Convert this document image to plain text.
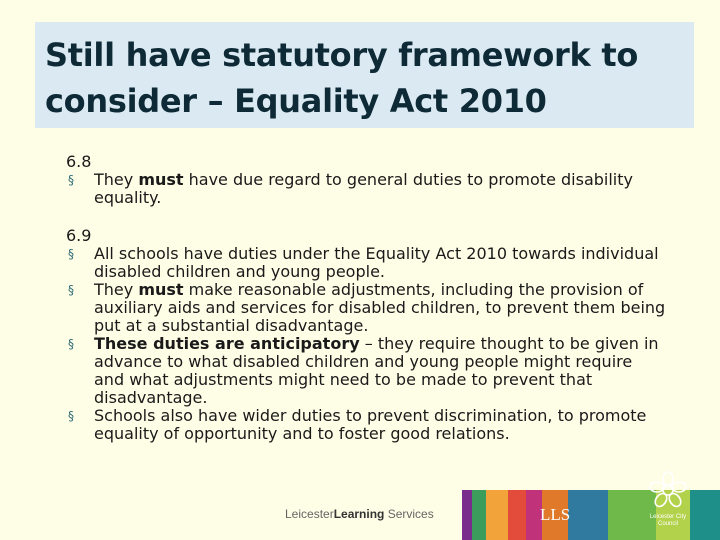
Still have statutory framework to
consider – Equality Act 2010
6.8
§	They must have due regard to general duties to promote disability equality.
6.9
§	All schools have duties under the Equality Act 2010 towards individual disabled children and young people.
§	They must make reasonable adjustments, including the provision of auxiliary aids and services for disabled children, to prevent them being put at a substantial disadvantage.
§	These duties are anticipatory – they require thought to be given in advance to what disabled children and young people might require and what adjustments might need to be made to prevent that disadvantage.
§	Schools also have wider duties to prevent discrimination, to promote equality of opportunity and to foster good relations.
LeicesterLearning Services	LLS	Leicester City Council
